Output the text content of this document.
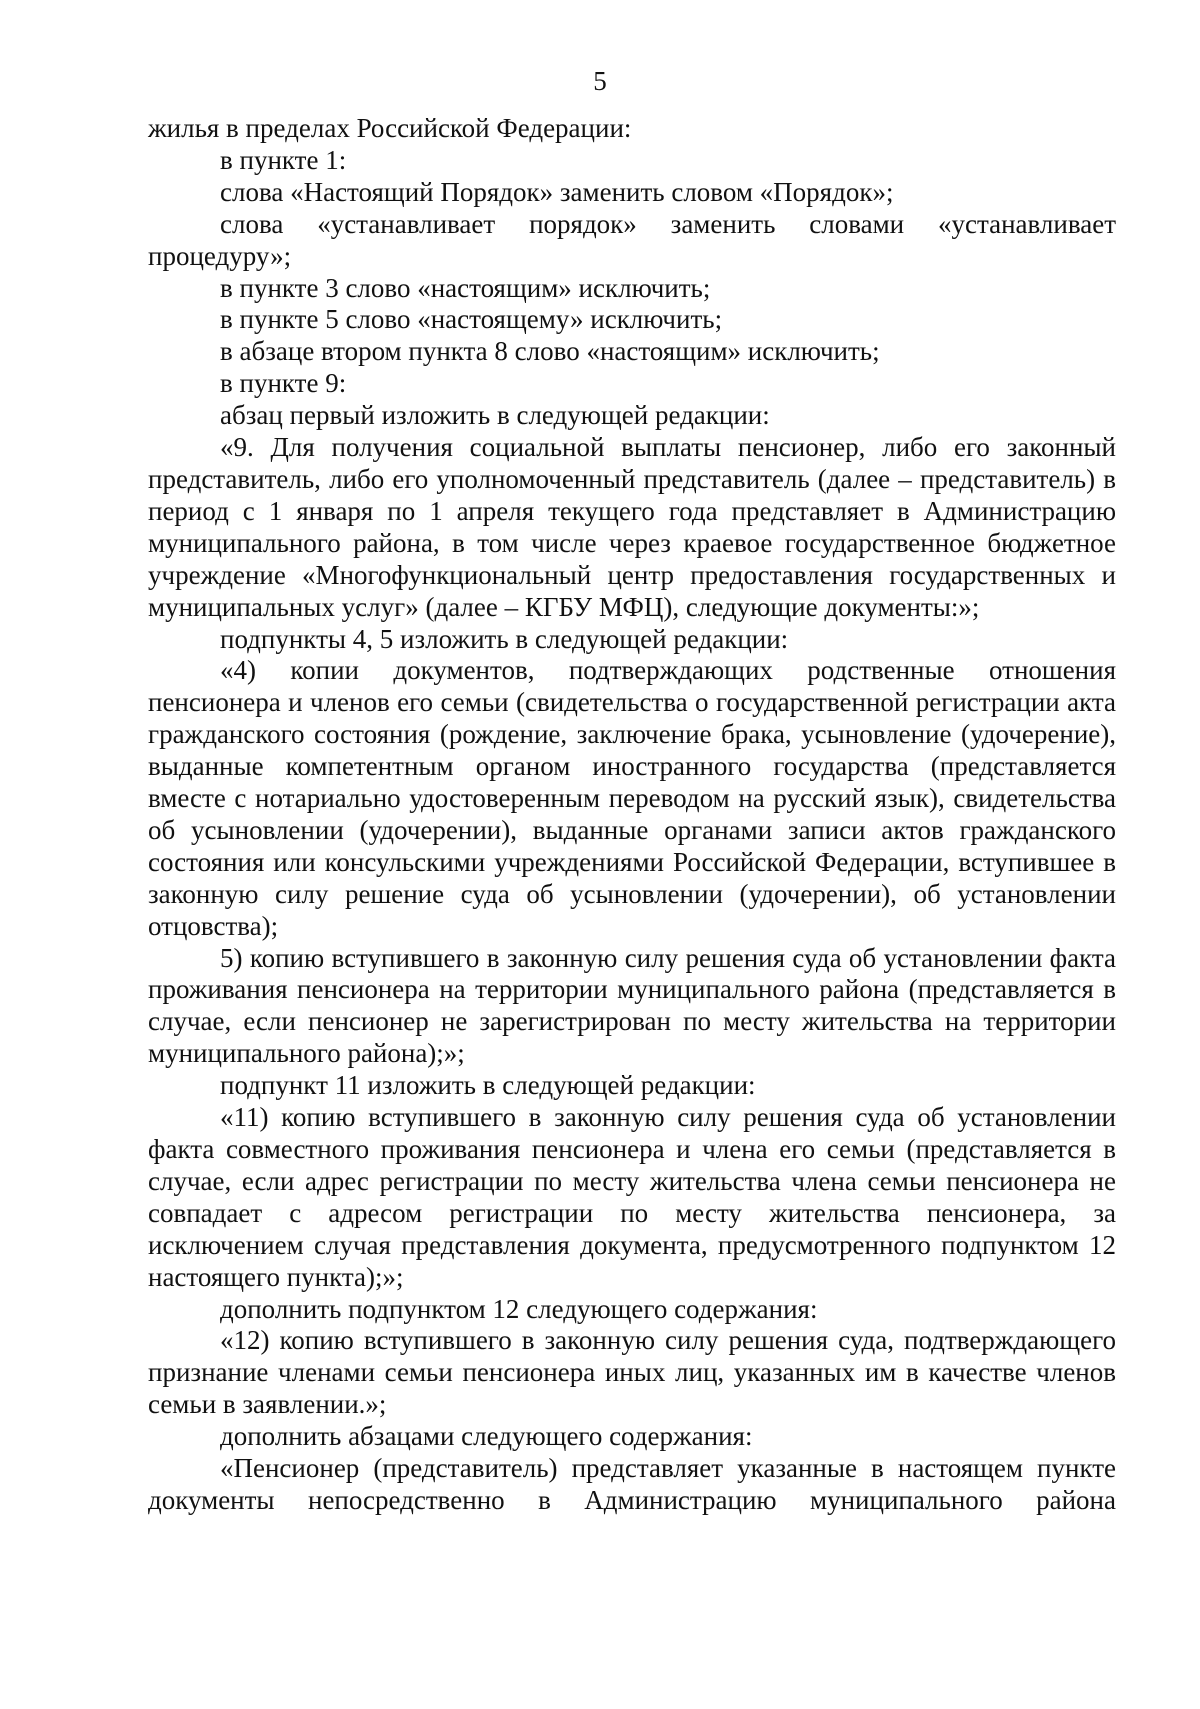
5

жилья в пределах Российской Федерации:

в пункте 1:

слова «Настоящий Порядок» заменить словом «Порядок»;

слова «устанавливает порядок» заменить словами «устанавливает процедуру»;

в пункте 3 слово «настоящим» исключить;

в пункте 5 слово «настоящему» исключить;

в абзаце втором пункта 8 слово «настоящим» исключить;

в пункте 9:

абзац первый изложить в следующей редакции:

«9. Для получения социальной выплаты пенсионер, либо его законный представитель, либо его уполномоченный представитель (далее – представитель) в период с 1 января по 1 апреля текущего года представляет в Администрацию муниципального района, в том числе через краевое государственное бюджетное учреждение «Многофункциональный центр предоставления государственных и муниципальных услуг» (далее – КГБУ МФЦ), следующие документы:»;

подпункты 4, 5 изложить в следующей редакции:

«4) копии документов, подтверждающих родственные отношения пенсионера и членов его семьи (свидетельства о государственной регистрации акта гражданского состояния (рождение, заключение брака, усыновление (удочерение), выданные компетентным органом иностранного государства (представляется вместе с нотариально удостоверенным переводом на русский язык), свидетельства об усыновлении (удочерении), выданные органами записи актов гражданского состояния или консульскими учреждениями Российской Федерации, вступившее в законную силу решение суда об усыновлении (удочерении), об установлении отцовства);

5) копию вступившего в законную силу решения суда об установлении факта проживания пенсионера на территории муниципального района (представляется в случае, если пенсионер не зарегистрирован по месту жительства на территории муниципального района);»;

подпункт 11 изложить в следующей редакции:

«11) копию вступившего в законную силу решения суда об установлении факта совместного проживания пенсионера и члена его семьи (представляется в случае, если адрес регистрации по месту жительства члена семьи пенсионера не совпадает с адресом регистрации по месту жительства пенсионера, за исключением случая представления документа, предусмотренного подпунктом 12 настоящего пункта);»;

дополнить подпунктом 12 следующего содержания:

«12) копию вступившего в законную силу решения суда, подтверждающего признание членами семьи пенсионера иных лиц, указанных им в качестве членов семьи в заявлении.»;

дополнить абзацами следующего содержания:

«Пенсионер (представитель) представляет указанные в настоящем пункте документы непосредственно в Администрацию муниципального района
